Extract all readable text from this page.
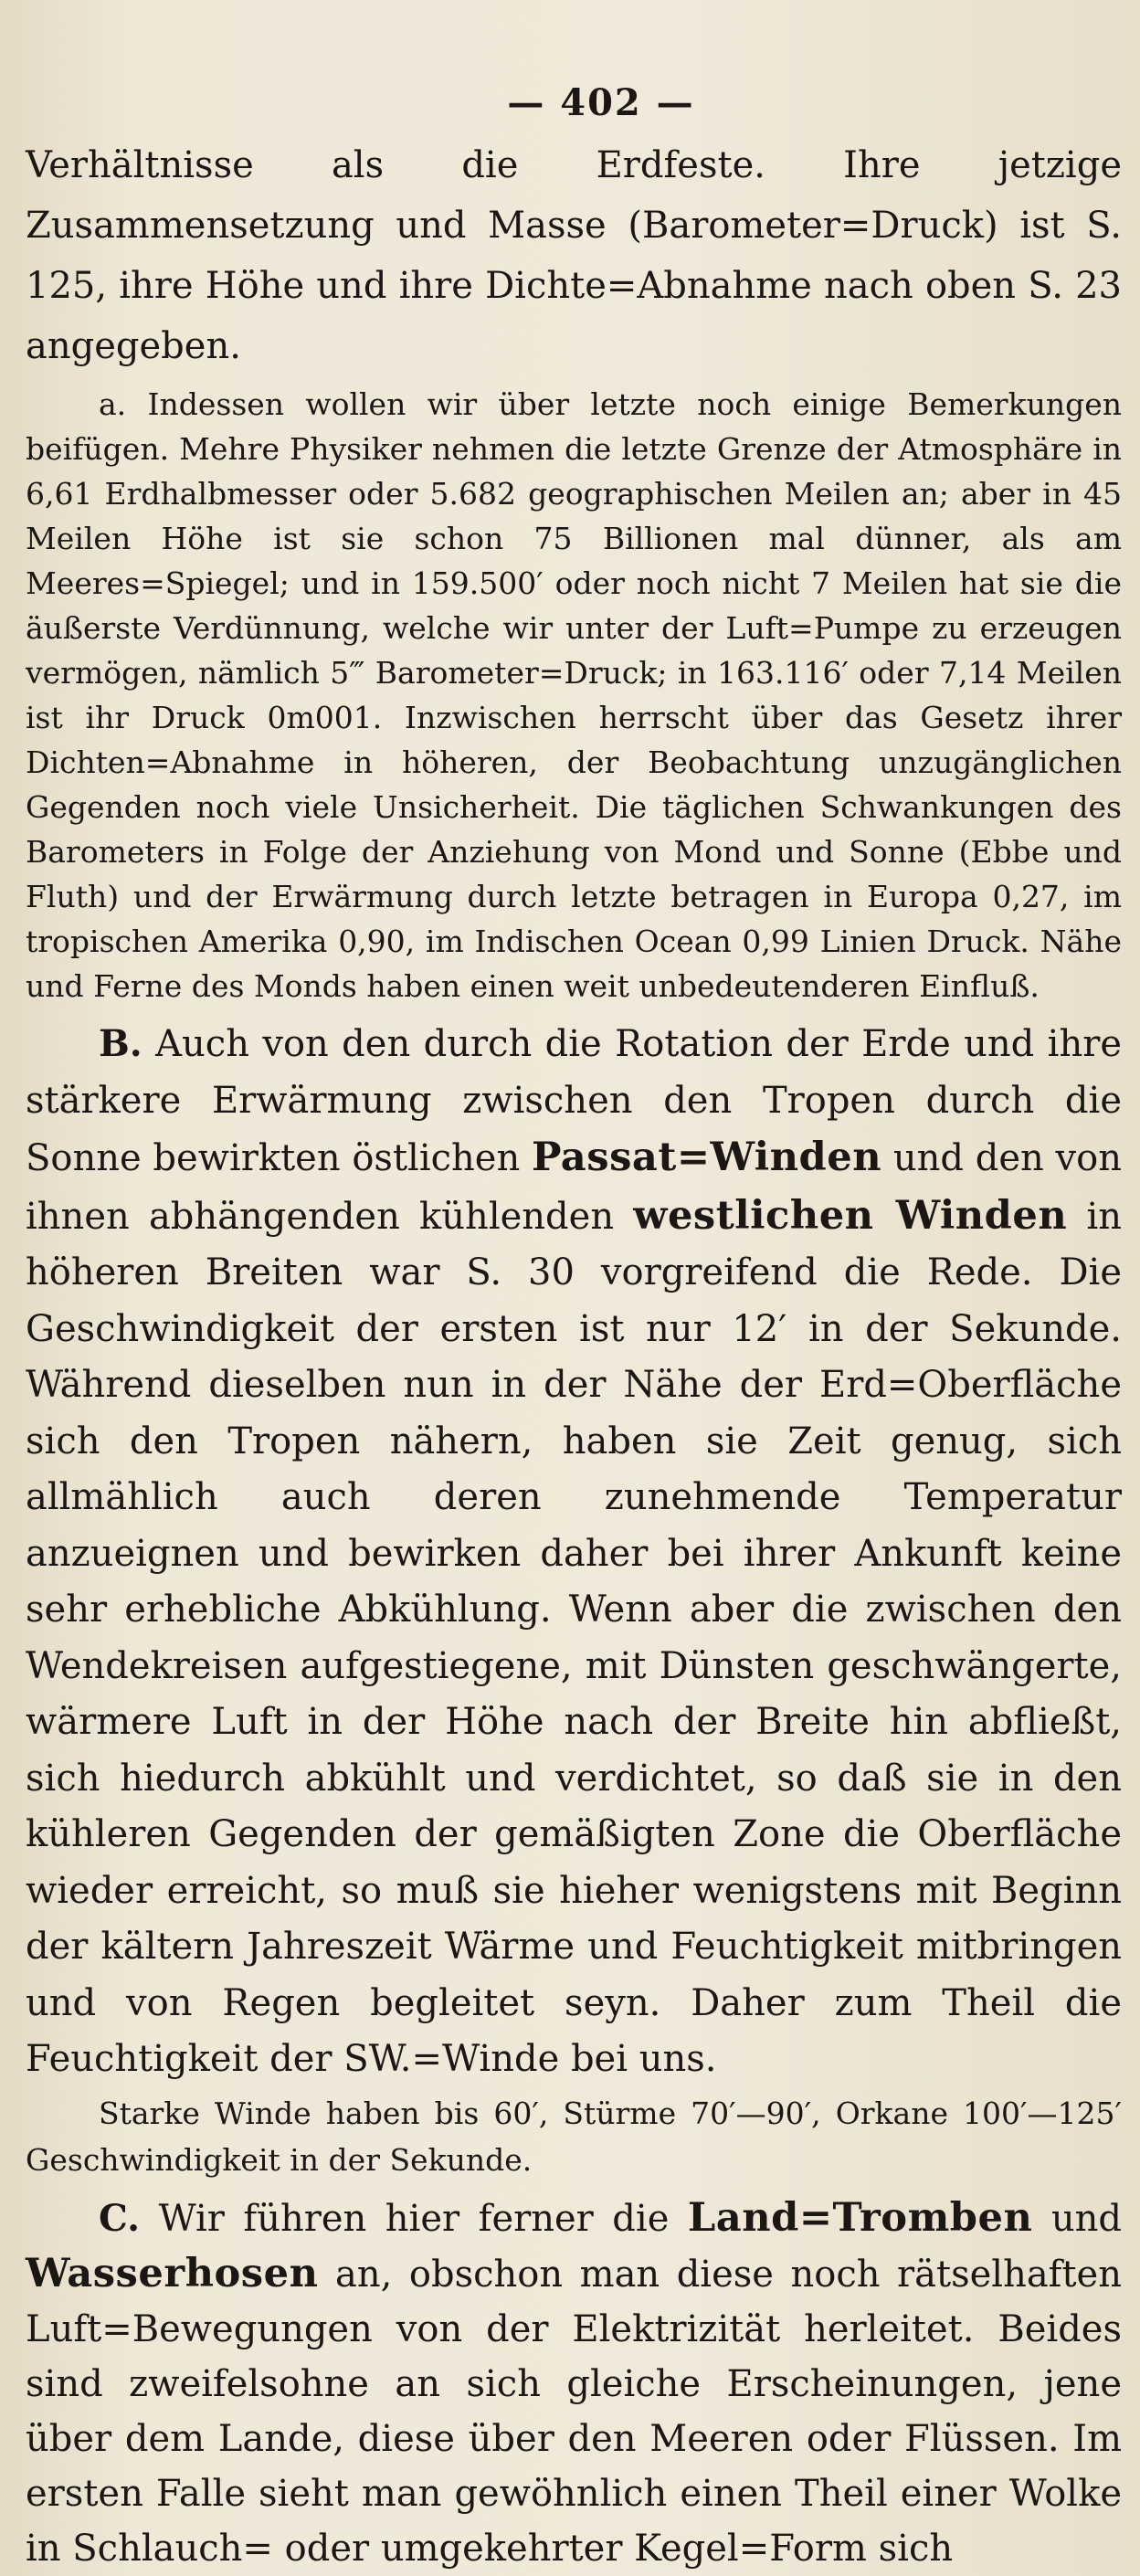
— 402 —

Verhältnisse als die Erdfeste. Ihre jetzige Zusammensetzung und Masse (Barometer=Druck) ist S. 125, ihre Höhe und ihre Dichte=Abnahme nach oben S. 23 angegeben.

a. Indessen wollen wir über letzte noch einige Bemerkungen beifügen. Mehre Physiker nehmen die letzte Grenze der Atmosphäre in 6,61 Erdhalbmesser oder 5.682 geographischen Meilen an; aber in 45 Meilen Höhe ist sie schon 75 Billionen mal dünner, als am Meeres=Spiegel; und in 159.500′ oder noch nicht 7 Meilen hat sie die äußerste Verdünnung, welche wir unter der Luft=Pumpe zu erzeugen vermögen, nämlich 5‴ Barometer=Druck; in 163.116′ oder 7,14 Meilen ist ihr Druck 0m001. Inzwischen herrscht über das Gesetz ihrer Dichten=Abnahme in höheren, der Beobachtung unzugänglichen Gegenden noch viele Unsicherheit. Die täglichen Schwankungen des Barometers in Folge der Anziehung von Mond und Sonne (Ebbe und Fluth) und der Erwärmung durch letzte betragen in Europa 0,27, im tropischen Amerika 0,90, im Indischen Ocean 0,99 Linien Druck. Nähe und Ferne des Monds haben einen weit unbedeutenderen Einfluß.

B. Auch von den durch die Rotation der Erde und ihre stärkere Erwärmung zwischen den Tropen durch die Sonne bewirkten östlichen Passat=Winden und den von ihnen abhängenden kühlenden westlichen Winden in höheren Breiten war S. 30 vorgreifend die Rede. Die Geschwindigkeit der ersten ist nur 12′ in der Sekunde. Während dieselben nun in der Nähe der Erd=Oberfläche sich den Tropen nähern, haben sie Zeit genug, sich allmählich auch deren zunehmende Temperatur anzueignen und bewirken daher bei ihrer Ankunft keine sehr erhebliche Abkühlung. Wenn aber die zwischen den Wendekreisen aufgestiegene, mit Dünsten geschwängerte, wärmere Luft in der Höhe nach der Breite hin abfließt, sich hiedurch abkühlt und verdichtet, so daß sie in den kühleren Gegenden der gemäßigten Zone die Oberfläche wieder erreicht, so muß sie hieher wenigstens mit Beginn der kältern Jahreszeit Wärme und Feuchtigkeit mitbringen und von Regen begleitet seyn. Daher zum Theil die Feuchtigkeit der SW.=Winde bei uns.

Starke Winde haben bis 60′, Stürme 70′—90′, Orkane 100′—125′ Geschwindigkeit in der Sekunde.

C. Wir führen hier ferner die Land=Tromben und Wasserhosen an, obschon man diese noch rätselhaften Luft=Bewegungen von der Elektrizität herleitet. Beides sind zweifelsohne an sich gleiche Erscheinungen, jene über dem Lande, diese über den Meeren oder Flüssen. Im ersten Falle sieht man gewöhnlich einen Theil einer Wolke in Schlauch= oder umgekehrter Kegel=Form sich
